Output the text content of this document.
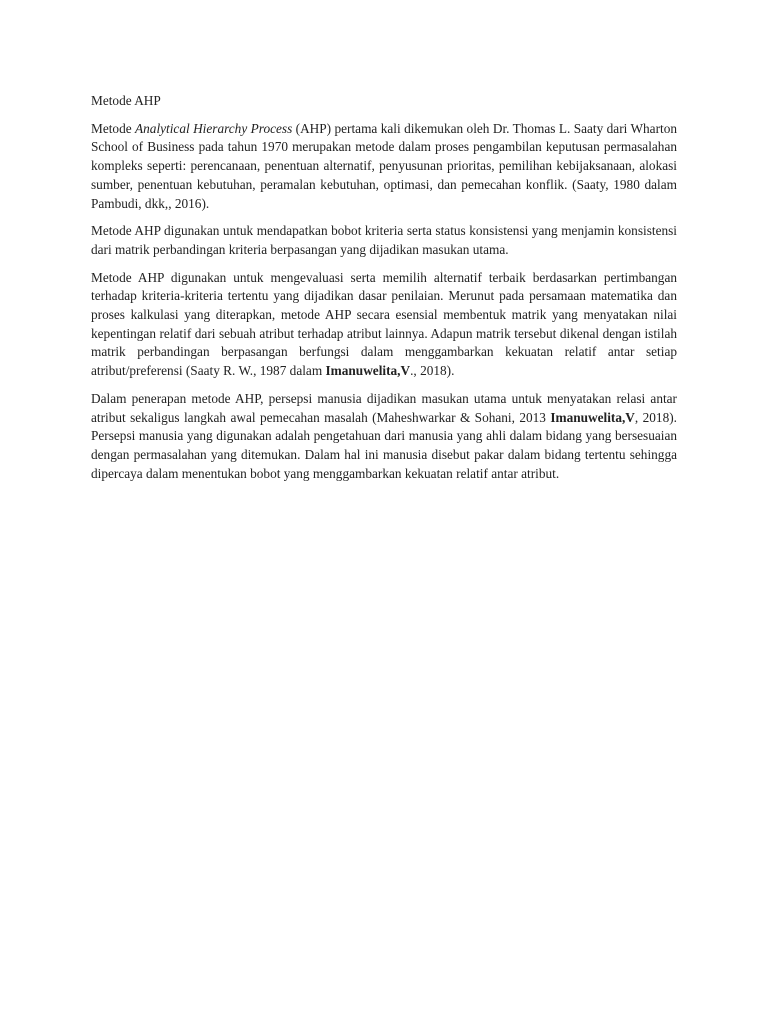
Metode AHP

Metode Analytical Hierarchy Process (AHP) pertama kali dikemukan oleh Dr. Thomas L. Saaty dari Wharton School of Business pada tahun 1970 merupakan metode dalam proses pengambilan keputusan permasalahan kompleks seperti: perencanaan, penentuan alternatif, penyusunan prioritas, pemilihan kebijaksanaan, alokasi sumber, penentuan kebutuhan, peramalan kebutuhan, optimasi, dan pemecahan konflik. (Saaty, 1980 dalam Pambudi, dkk,, 2016).

Metode AHP digunakan untuk mendapatkan bobot kriteria serta status konsistensi yang menjamin konsistensi dari matrik perbandingan kriteria berpasangan yang dijadikan masukan utama.

Metode AHP digunakan untuk mengevaluasi serta memilih alternatif terbaik berdasarkan pertimbangan terhadap kriteria-kriteria tertentu yang dijadikan dasar penilaian. Merunut pada persamaan matematika dan proses kalkulasi yang diterapkan, metode AHP secara esensial membentuk matrik yang menyatakan nilai kepentingan relatif dari sebuah atribut terhadap atribut lainnya. Adapun matrik tersebut dikenal dengan istilah matrik perbandingan berpasangan berfungsi dalam menggambarkan kekuatan relatif antar setiap atribut/preferensi (Saaty R. W., 1987 dalam Imanuwelita,V., 2018).

Dalam penerapan metode AHP, persepsi manusia dijadikan masukan utama untuk menyatakan relasi antar atribut sekaligus langkah awal pemecahan masalah (Maheshwarkar & Sohani, 2013 Imanuwelita,V, 2018). Persepsi manusia yang digunakan adalah pengetahuan dari manusia yang ahli dalam bidang yang bersesuaian dengan permasalahan yang ditemukan. Dalam hal ini manusia disebut pakar dalam bidang tertentu sehingga dipercaya dalam menentukan bobot yang menggambarkan kekuatan relatif antar atribut.
